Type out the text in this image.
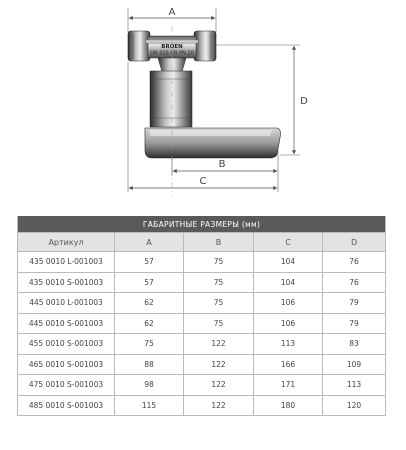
A
BROEN
DN 015 CR PN 20
D
B
C
ГАБАРИТНЫЕ РАЗМЕРЫ (мм)				
Артикул	A	B	C	D
435 0010 L-001003	57	75	104	76
435 0010 S-001003	57	75	104	76
445 0010 L-001003	62	75	106	79
445 0010 S-001003	62	75	106	79
455 0010 S-001003	75	122	113	83
465 0010 S-001003	88	122	166	109
475 0010 S-001003	98	122	171	113
485 0010 S-001003	115	122	180	120
